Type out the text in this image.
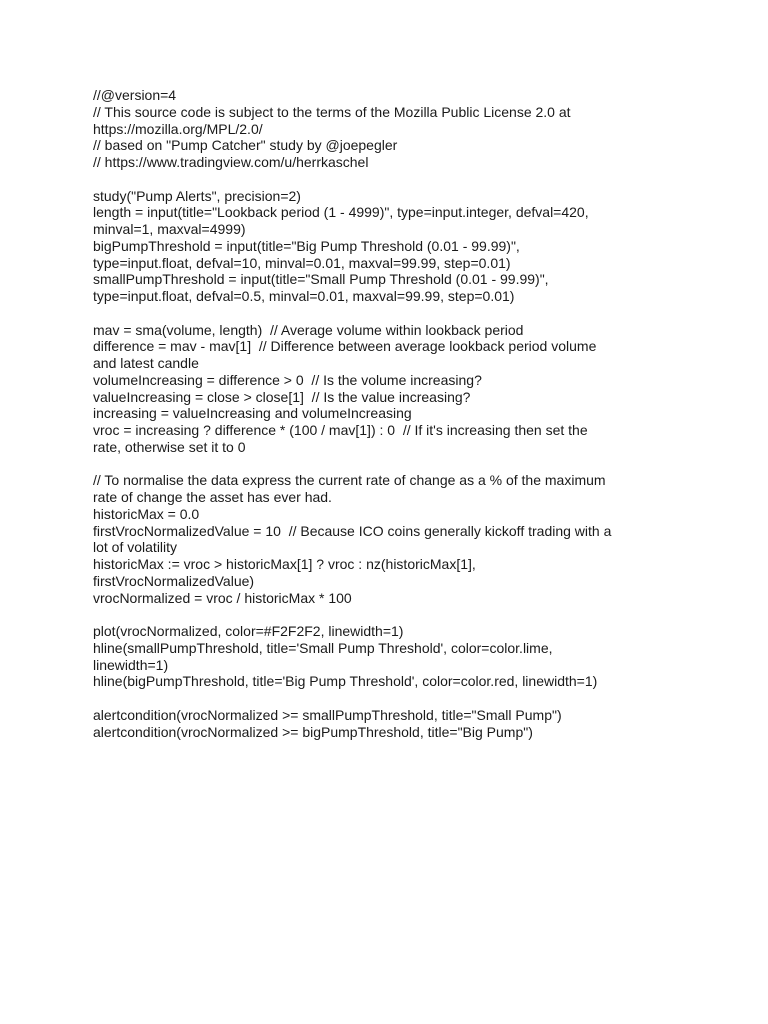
//@version=4
// This source code is subject to the terms of the Mozilla Public License 2.0 at
https://mozilla.org/MPL/2.0/
// based on "Pump Catcher" study by @joepegler
// https://www.tradingview.com/u/herrkaschel
study("Pump Alerts", precision=2)
length = input(title="Lookback period (1 - 4999)", type=input.integer, defval=420,
minval=1, maxval=4999)
bigPumpThreshold = input(title="Big Pump Threshold (0.01 - 99.99)",
type=input.float, defval=10, minval=0.01, maxval=99.99, step=0.01)
smallPumpThreshold = input(title="Small Pump Threshold (0.01 - 99.99)",
type=input.float, defval=0.5, minval=0.01, maxval=99.99, step=0.01)
mav = sma(volume, length)  // Average volume within lookback period
difference = mav - mav[1]  // Difference between average lookback period volume
and latest candle
volumeIncreasing = difference > 0  // Is the volume increasing?
valueIncreasing = close > close[1]  // Is the value increasing?
increasing = valueIncreasing and volumeIncreasing
vroc = increasing ? difference * (100 / mav[1]) : 0  // If it's increasing then set the
rate, otherwise set it to 0
// To normalise the data express the current rate of change as a % of the maximum
rate of change the asset has ever had.
historicMax = 0.0
firstVrocNormalizedValue = 10  // Because ICO coins generally kickoff trading with a
lot of volatility
historicMax := vroc > historicMax[1] ? vroc : nz(historicMax[1],
firstVrocNormalizedValue)
vrocNormalized = vroc / historicMax * 100
plot(vrocNormalized, color=#F2F2F2, linewidth=1)
hline(smallPumpThreshold, title='Small Pump Threshold', color=color.lime,
linewidth=1)
hline(bigPumpThreshold, title='Big Pump Threshold', color=color.red, linewidth=1)
alertcondition(vrocNormalized >= smallPumpThreshold, title="Small Pump")
alertcondition(vrocNormalized >= bigPumpThreshold, title="Big Pump")
